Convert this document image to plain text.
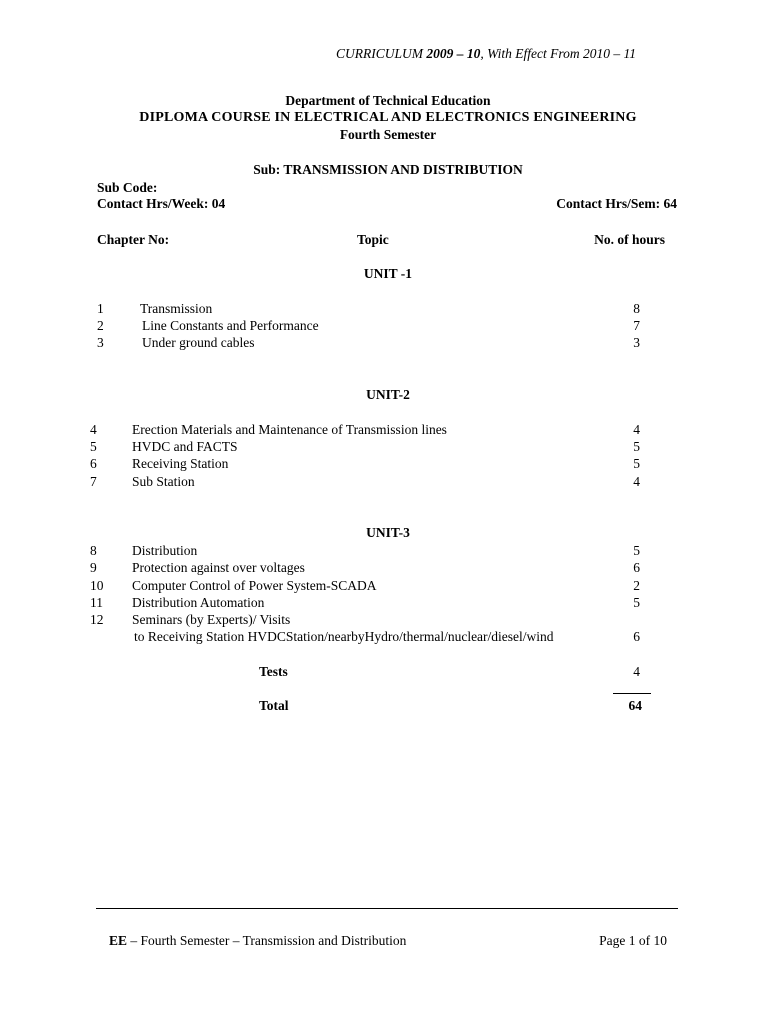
CURRICULUM 2009 – 10, With Effect From 2010 – 11
Department of Technical Education
DIPLOMA COURSE IN ELECTRICAL AND ELECTRONICS ENGINEERING
Fourth Semester
Sub: TRANSMISSION AND DISTRIBUTION
Sub Code:
Contact Hrs/Week: 04	Contact Hrs/Sem: 64
Chapter No:	Topic	No. of hours
UNIT -1
1	Transmission	8
2	Line Constants and Performance	7
3	Under ground cables	3
UNIT-2
4	Erection Materials and Maintenance of Transmission lines	4
5	HVDC and FACTS	5
6	Receiving Station	5
7	Sub Station	4
UNIT-3
8	Distribution	5
9	Protection against over voltages	6
10 Computer Control of Power System-SCADA	2
11 Distribution Automation	5
12 Seminars (by Experts)/ Visits
to Receiving Station HVDCStation/nearbyHydro/thermal/nuclear/diesel/wind	6
Tests	4
Total	64
EE – Fourth Semester – Transmission and Distribution	Page 1 of 10
